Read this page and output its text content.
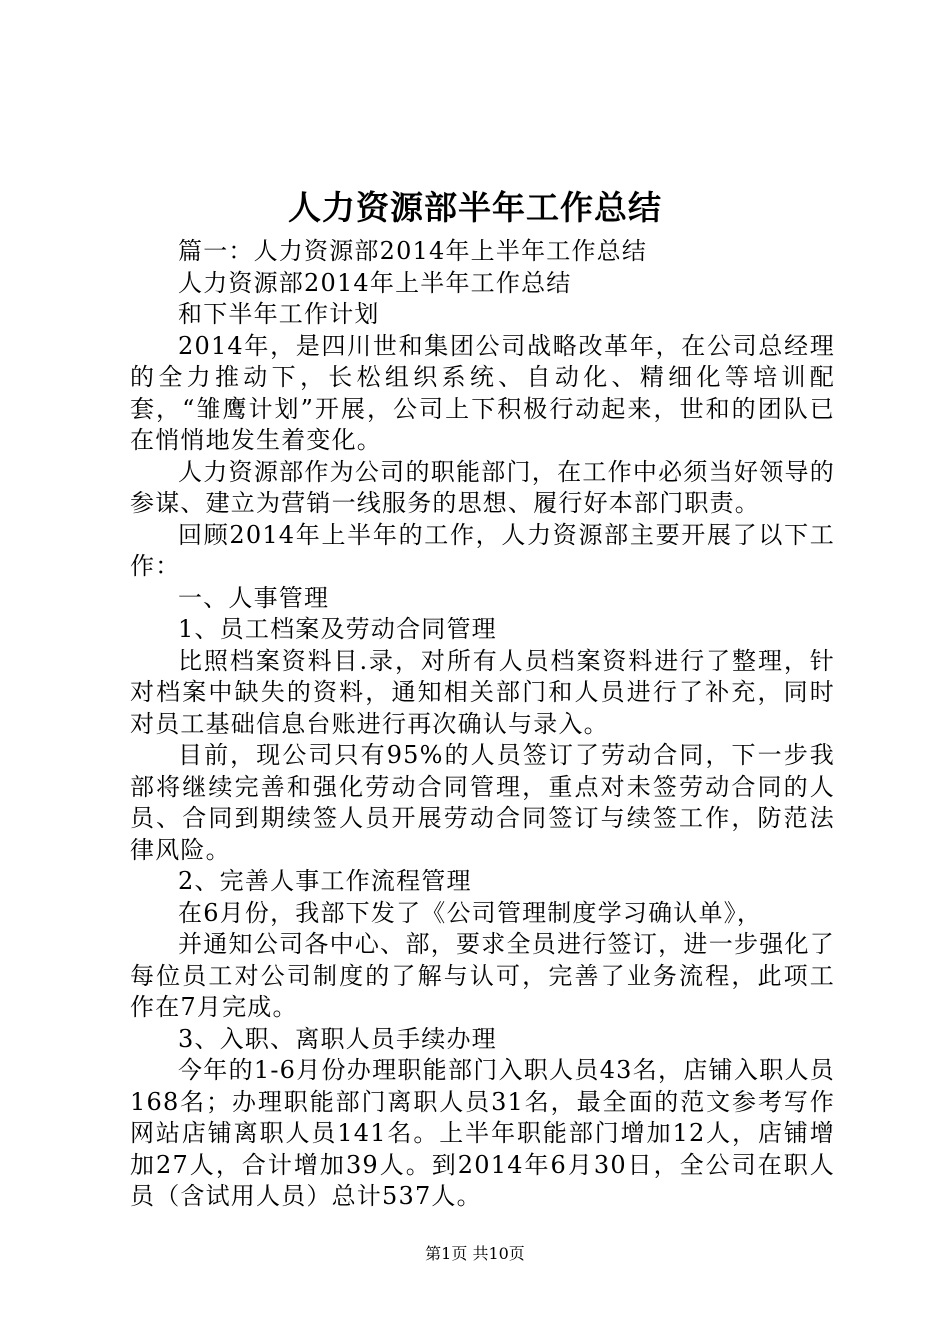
人力资源部半年工作总结

篇一：人力资源部2014年上半年工作总结

人力资源部2014年上半年工作总结

和下半年工作计划

2014年，是四川世和集团公司战略改革年，在公司总经理的全力推动下，长松组织系统、自动化、精细化等培训配套，“雏鹰计划”开展，公司上下积极行动起来，世和的团队已在悄悄地发生着变化。

人力资源部作为公司的职能部门，在工作中必须当好领导的参谋、建立为营销一线服务的思想、履行好本部门职责。

回顾2014年上半年的工作，人力资源部主要开展了以下工作：

一、人事管理

1、员工档案及劳动合同管理

比照档案资料目.录，对所有人员档案资料进行了整理，针对档案中缺失的资料，通知相关部门和人员进行了补充，同时对员工基础信息台账进行再次确认与录入。

目前，现公司只有95%的人员签订了劳动合同，下一步我部将继续完善和强化劳动合同管理，重点对未签劳动合同的人员、合同到期续签人员开展劳动合同签订与续签工作，防范法律风险。

2、完善人事工作流程管理

在6月份，我部下发了《公司管理制度学习确认单》，

并通知公司各中心、部，要求全员进行签订，进一步强化了每位员工对公司制度的了解与认可，完善了业务流程，此项工作在7月完成。

3、入职、离职人员手续办理

今年的1-6月份办理职能部门入职人员43名，店铺入职人员168名；办理职能部门离职人员31名，最全面的范文参考写作网站店铺离职人员141名。上半年职能部门增加12人，店铺增加27人，合计增加39人。到2014年6月30日，全公司在职人员（含试用人员）总计537人。

第1页 共10页
